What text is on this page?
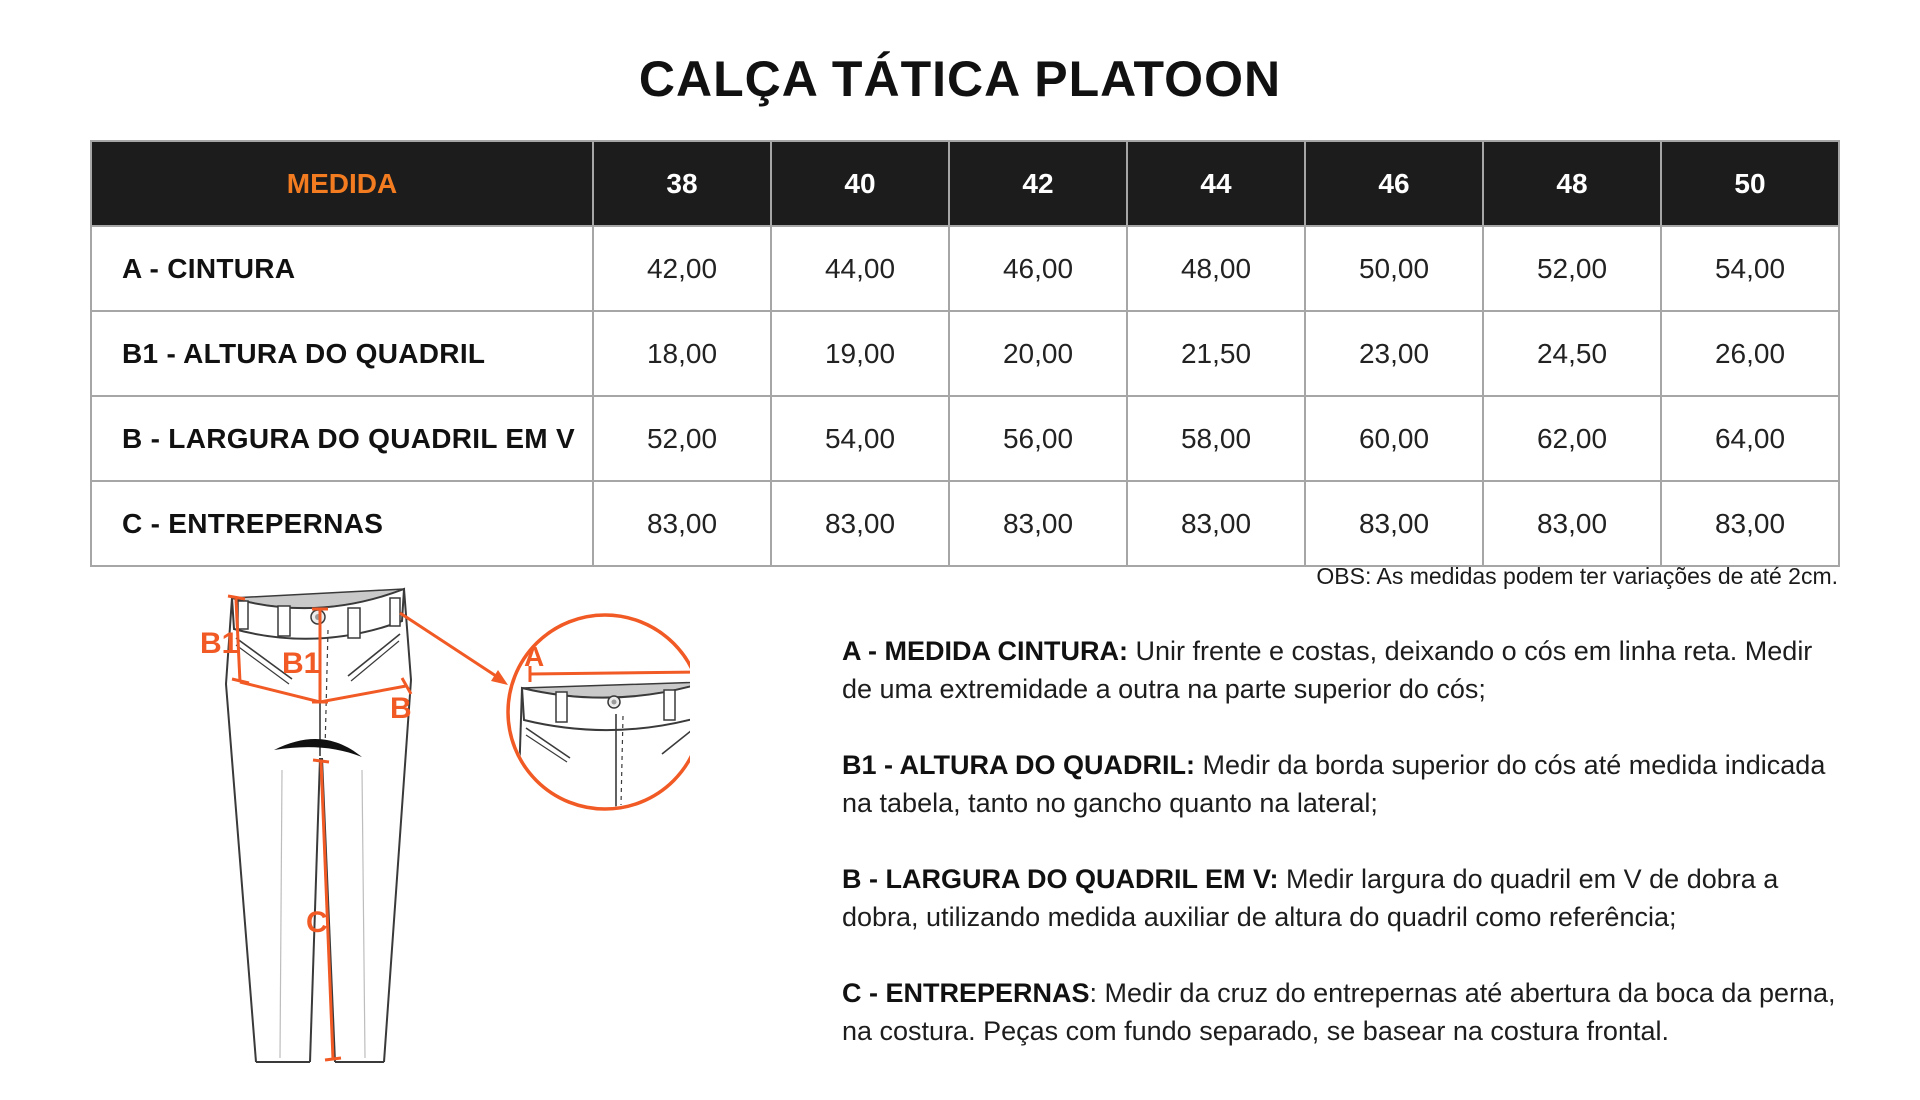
CALÇA TÁTICA PLATOON
MEDIDA	38	40	42	44	46	48	50
A - CINTURA	42,00	44,00	46,00	48,00	50,00	52,00	54,00
B1 - ALTURA DO QUADRIL	18,00	19,00	20,00	21,50	23,00	24,50	26,00
B - LARGURA DO QUADRIL EM V	52,00	54,00	56,00	58,00	60,00	62,00	64,00
C - ENTREPERNAS	83,00	83,00	83,00	83,00	83,00	83,00	83,00
OBS: As medidas podem ter variações de até 2cm.
B1
B1
B
C
A	A - MEDIDA CINTURA: Unir frente e costas, deixando o cós em linha reta. Medir de uma extremidade a outra na parte superior do cós;

B1 - ALTURA DO QUADRIL: Medir da borda superior do cós até medida indicada na tabela, tanto no gancho quanto na lateral;

B - LARGURA DO QUADRIL EM V: Medir largura do quadril em V de dobra a dobra, utilizando medida auxiliar de altura do quadril como referência;

C - ENTREPERNAS: Medir da cruz do entrepernas até abertura da boca da perna, na costura. Peças com fundo separado, se basear na costura frontal.
